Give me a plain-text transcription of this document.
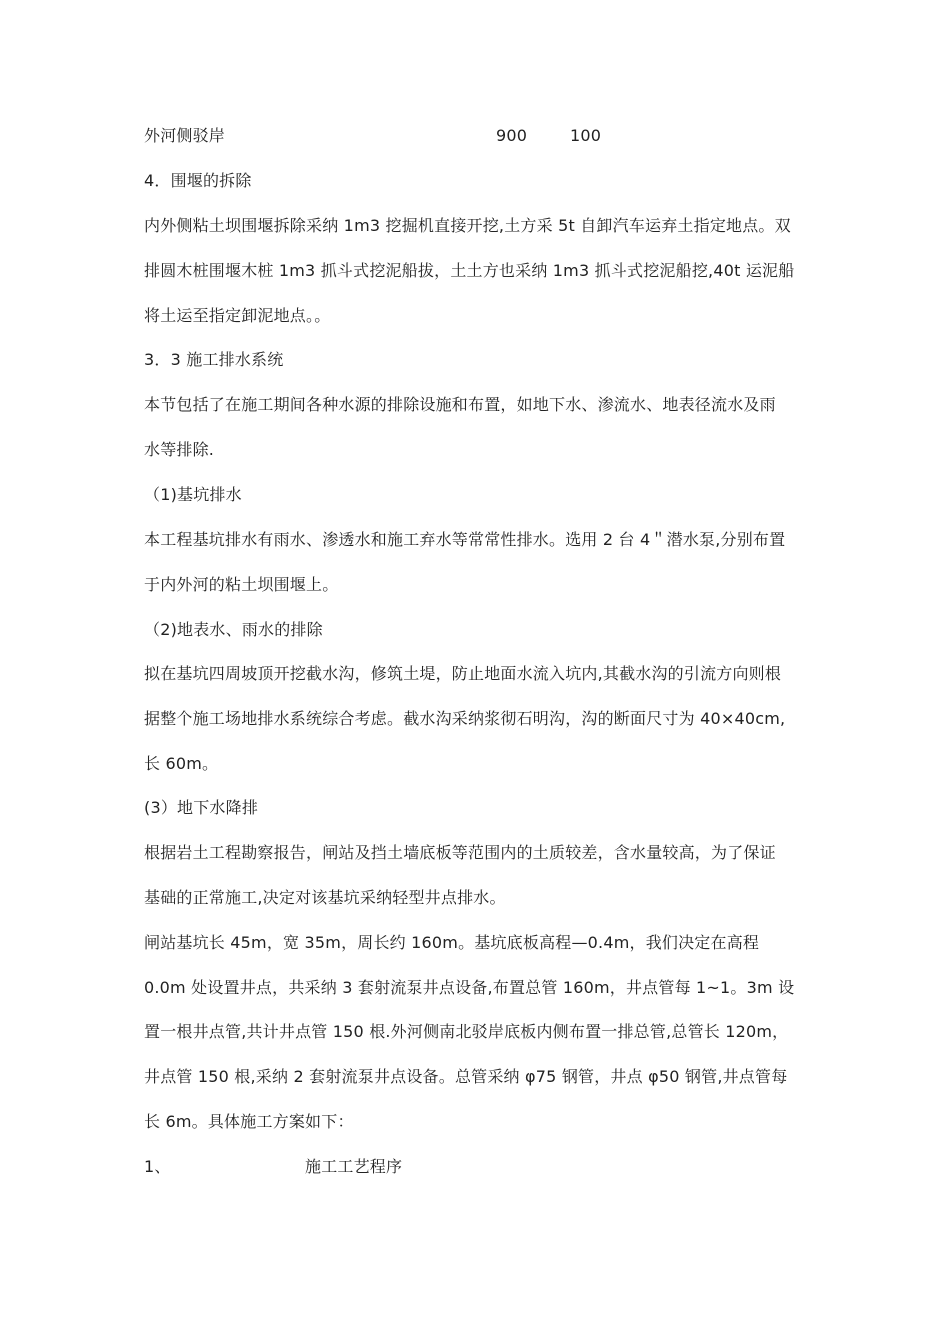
外河侧驳岸	900	100
4．围堰的拆除
内外侧粘土坝围堰拆除采纳 1m3 挖掘机直接开挖,土方采 5t 自卸汽车运弃土指定地点。双
排圆木桩围堰木桩 1m3 抓斗式挖泥船拔，土土方也采纳 1m3 抓斗式挖泥船挖,40t 运泥船
将土运至指定卸泥地点。。
3．3 施工排水系统
本节包括了在施工期间各种水源的排除设施和布置，如地下水、渗流水、地表径流水及雨
水等排除.
（1)基坑排水
本工程基坑排水有雨水、渗透水和施工弃水等常常性排水。选用 2 台 4＂潜水泵,分别布置
于内外河的粘土坝围堰上。
（2)地表水、雨水的排除
拟在基坑四周坡顶开挖截水沟，修筑土堤，防止地面水流入坑内,其截水沟的引流方向则根
据整个施工场地排水系统综合考虑。截水沟采纳浆彻石明沟，沟的断面尺寸为 40×40cm,
长 60m。
(3）地下水降排
根据岩土工程勘察报告，闸站及挡土墙底板等范围内的土质较差，含水量较高，为了保证
基础的正常施工,决定对该基坑采纳轻型井点排水。
闸站基坑长 45m，宽 35m，周长约 160m。基坑底板高程—0.4m，我们决定在高程
0.0m 处设置井点，共采纳 3 套射流泵井点设备,布置总管 160m，井点管每 1~1。3m 设
置一根井点管,共计井点管 150 根.外河侧南北驳岸底板内侧布置一排总管,总管长 120m，
井点管 150 根,采纳 2 套射流泵井点设备。总管采纳 φ75 钢管，井点 φ50 钢管,井点管每
长 6m。具体施工方案如下：
1、	施工工艺程序
